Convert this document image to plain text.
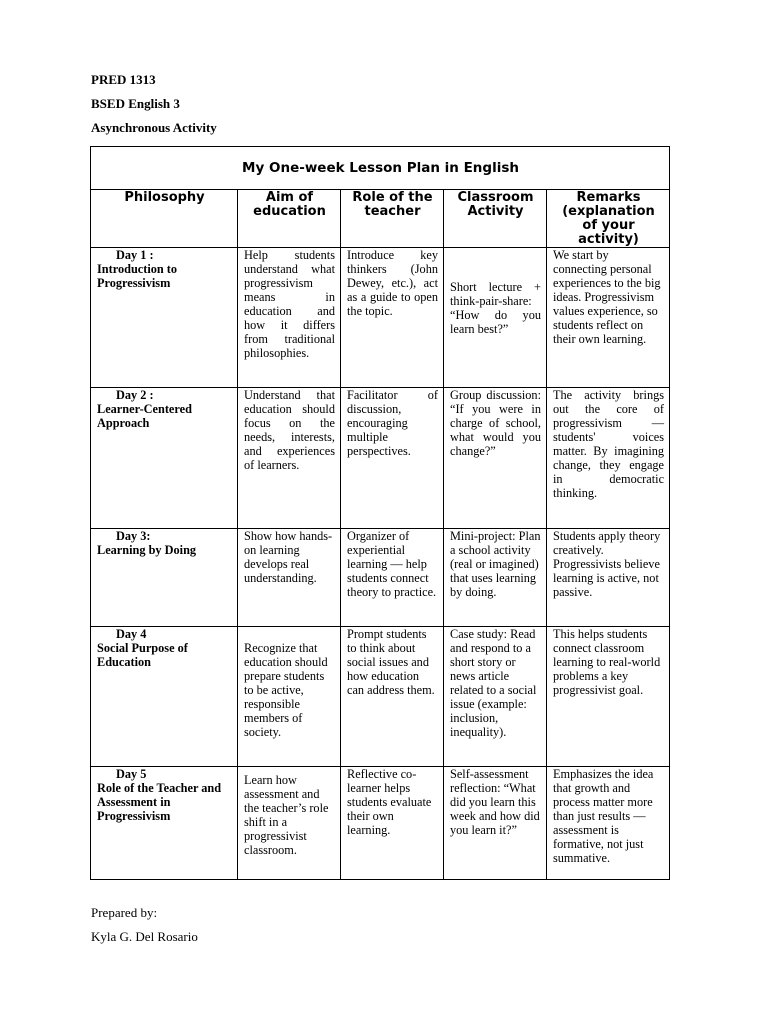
PRED 1313

BSED English 3

Asynchronous Activity

My One-week Lesson Plan in English				
Philosophy	Aim of education	Role of the teacher	Classroom Activity	Remarks (explanation of your activity)

Day 1 :
Introduction to Progressivism	Help students understand what progressivism means in education and how it differs from traditional philosophies.	Introduce key thinkers (John Dewey, etc.), act as a guide to open the topic.	Short lecture + think-pair-share: “How do you learn best?”	We start by connecting personal experiences to the big ideas. Progressivism values experience, so students reflect on their own learning.

Day 2 :
Learner-Centered Approach	Understand that education should focus on the needs, interests, and experiences of learners.	Facilitator of discussion, encouraging multiple perspectives.	Group discussion: “If you were in charge of school, what would you change?”	The activity brings out the core of progressivism — students' voices matter. By imagining change, they engage in democratic thinking.

Day 3:
Learning by Doing	Show how hands-on learning develops real understanding.	Organizer of experiential learning — help students connect theory to practice.	Mini-project: Plan a school activity (real or imagined) that uses learning by doing.	Students apply theory creatively. Progressivists believe learning is active, not passive.

Day 4
Social Purpose of Education	Recognize that education should prepare students to be active, responsible members of society.	Prompt students to think about social issues and how education can address them.	Case study: Read and respond to a short story or news article related to a social issue (example: inclusion, inequality).	This helps students connect classroom learning to real-world problems a key progressivist goal.

Day 5
Role of the Teacher and Assessment in Progressivism	Learn how assessment and the teacher’s role shift in a progressivist classroom.	Reflective co-learner helps students evaluate their own learning.	Self-assessment reflection: “What did you learn this week and how did you learn it?”	Emphasizes the idea that growth and process matter more than just results — assessment is formative, not just summative.

Prepared by:

Kyla G. Del Rosario
